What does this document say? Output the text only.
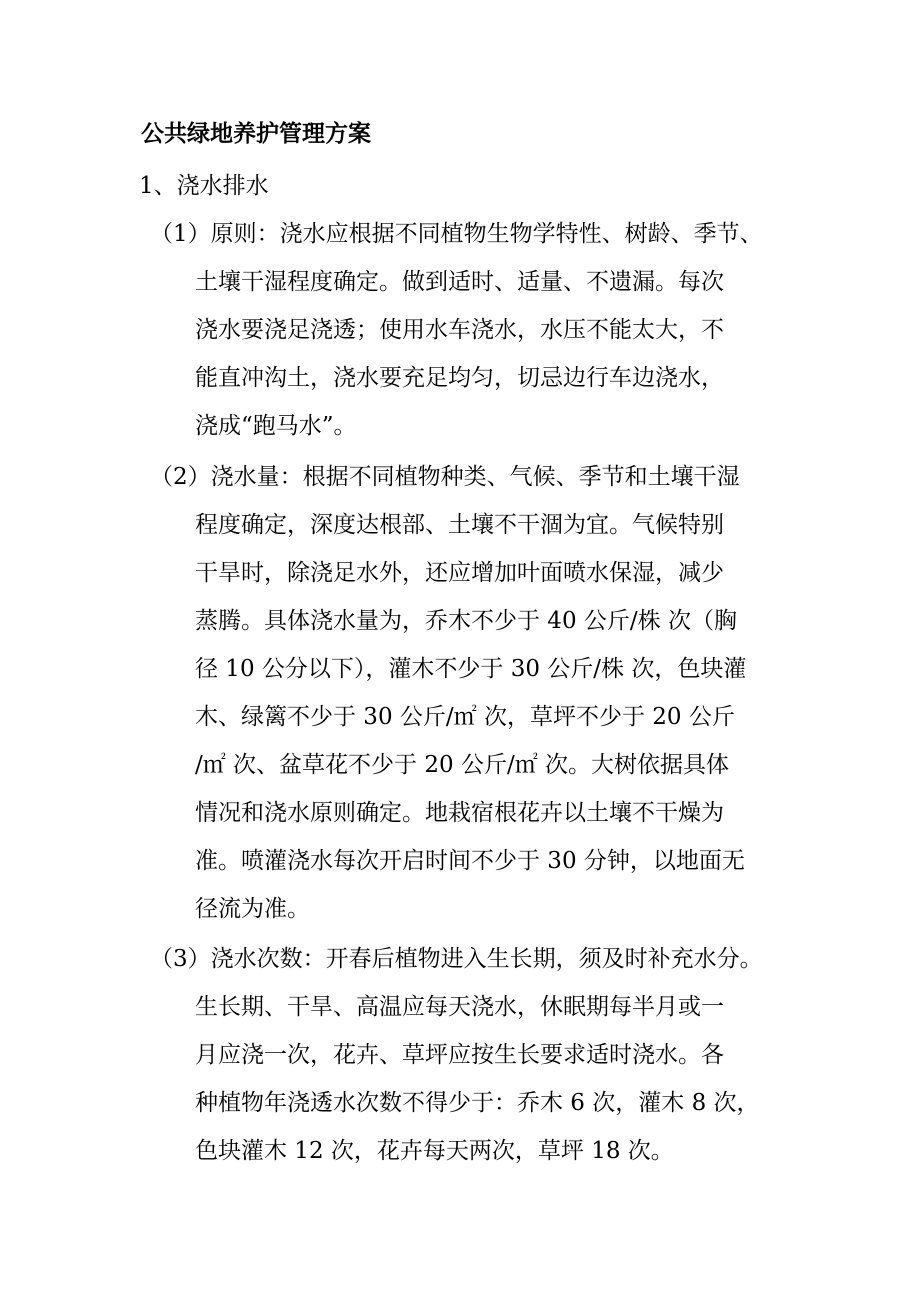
公共绿地养护管理方案
1、浇水排水
（1）原则：浇水应根据不同植物生物学特性、树龄、季节、
土壤干湿程度确定。做到适时、适量、不遗漏。每次
浇水要浇足浇透；使用水车浇水，水压不能太大，不
能直冲沟土，浇水要充足均匀，切忌边行车边浇水，
浇成“跑马水”。
（2）浇水量：根据不同植物种类、气候、季节和土壤干湿
程度确定，深度达根部、土壤不干涸为宜。气候特别
干旱时，除浇足水外，还应增加叶面喷水保湿，减少
蒸腾。具体浇水量为，乔木不少于 40 公斤/株 次（胸
径 10 公分以下），灌木不少于 30 公斤/株 次，色块灌
木、绿篱不少于 30 公斤/㎡ 次，草坪不少于 20 公斤
/㎡ 次、盆草花不少于 20 公斤/㎡ 次。大树依据具体
情况和浇水原则确定。地栽宿根花卉以土壤不干燥为
准。喷灌浇水每次开启时间不少于 30 分钟，以地面无
径流为准。
（3）浇水次数：开春后植物进入生长期，须及时补充水分。
生长期、干旱、高温应每天浇水，休眠期每半月或一
月应浇一次，花卉、草坪应按生长要求适时浇水。各
种植物年浇透水次数不得少于：乔木 6 次，灌木 8 次，
色块灌木 12 次，花卉每天两次，草坪 18 次。
